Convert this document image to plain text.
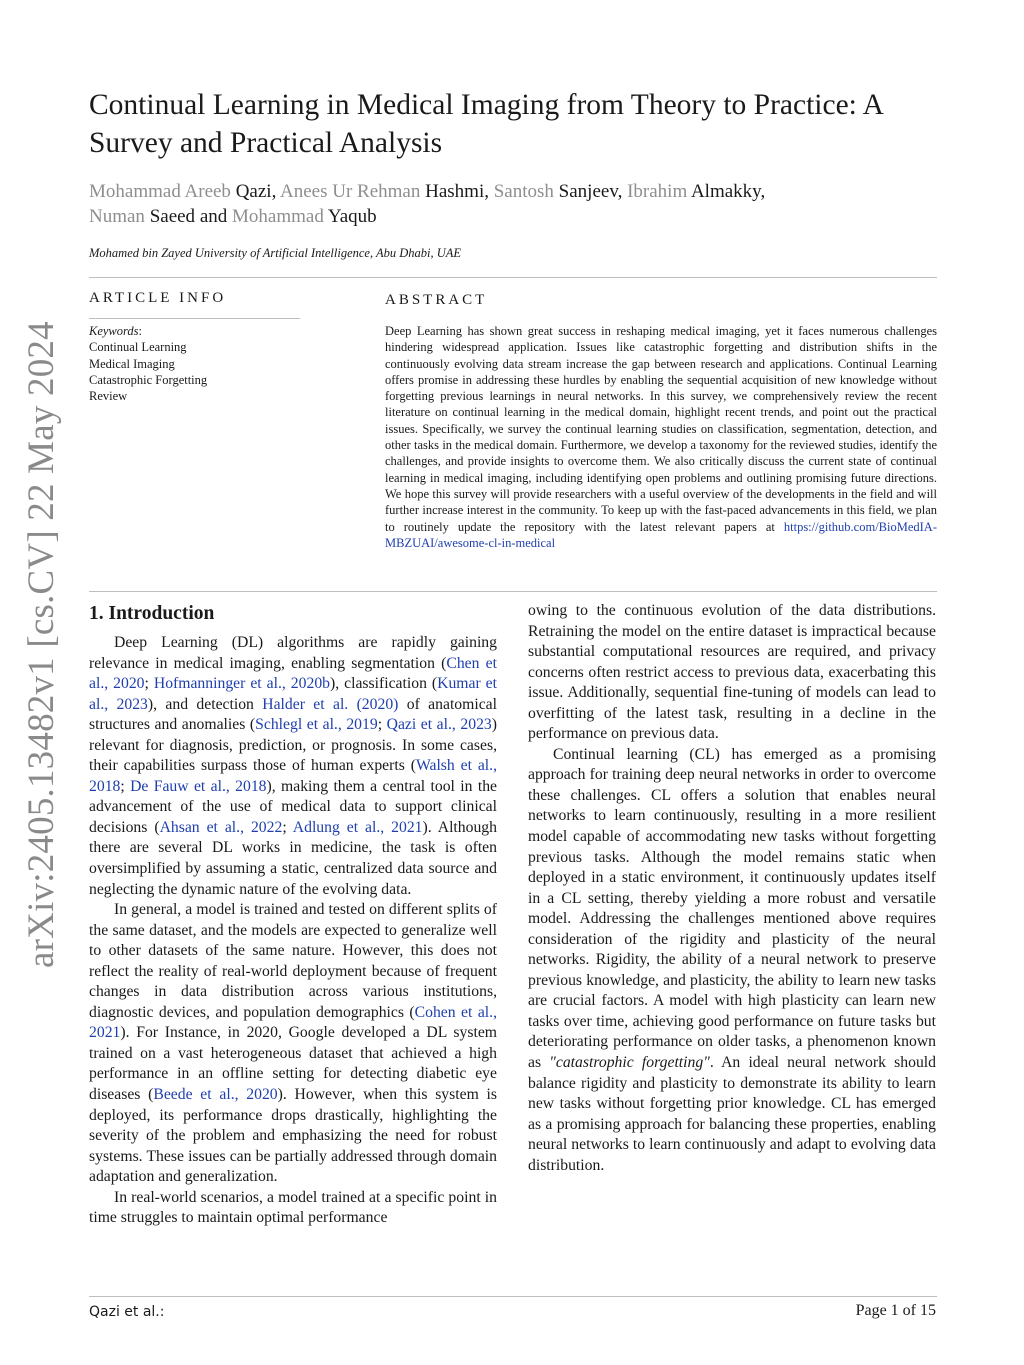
arXiv:2405.13482v1 [cs.CV] 22 May 2024
Continual Learning in Medical Imaging from Theory to Practice: A Survey and Practical Analysis
Mohammad Areeb Qazi, Anees Ur Rehman Hashmi, Santosh Sanjeev, Ibrahim Almakky,
Numan Saeed and Mohammad Yaqub
Mohamed bin Zayed University of Artificial Intelligence, Abu Dhabi, UAE
ARTICLE INFO
Keywords:
Continual Learning
Medical Imaging
Catastrophic Forgetting
Review
ABSTRACT

Deep Learning has shown great success in reshaping medical imaging, yet it faces numerous challenges hindering widespread application. Issues like catastrophic forgetting and distribution shifts in the continuously evolving data stream increase the gap between research and applications. Continual Learning offers promise in addressing these hurdles by enabling the sequential acquisition of new knowledge without forgetting previous learnings in neural networks. In this survey, we comprehensively review the recent literature on continual learning in the medical domain, highlight recent trends, and point out the practical issues. Specifically, we survey the continual learning studies on classification, segmentation, detection, and other tasks in the medical domain. Furthermore, we develop a taxonomy for the reviewed studies, identify the challenges, and provide insights to overcome them. We also critically discuss the current state of continual learning in medical imaging, including identifying open problems and outlining promising future directions. We hope this survey will provide researchers with a useful overview of the developments in the field and will further increase interest in the community. To keep up with the fast-paced advancements in this field, we plan to routinely update the repository with the latest relevant papers at https://github.com/BioMedIA-MBZUAI/awesome-cl-in-medical

1. Introduction

Deep Learning (DL) algorithms are rapidly gaining relevance in medical imaging, enabling segmentation (Chen et al., 2020; Hofmanninger et al., 2020b), classification (Kumar et al., 2023), and detection Halder et al. (2020) of anatomical structures and anomalies (Schlegl et al., 2019; Qazi et al., 2023) relevant for diagnosis, prediction, or prognosis. In some cases, their capabilities surpass those of human experts (Walsh et al., 2018; De Fauw et al., 2018), making them a central tool in the advancement of the use of medical data to support clinical decisions (Ahsan et al., 2022; Adlung et al., 2021). Although there are several DL works in medicine, the task is often oversimplified by assuming a static, centralized data source and neglecting the dynamic nature of the evolving data.

In general, a model is trained and tested on different splits of the same dataset, and the models are expected to generalize well to other datasets of the same nature. However, this does not reflect the reality of real-world deployment because of frequent changes in data distribution across various institutions, diagnostic devices, and population demographics (Cohen et al., 2021). For Instance, in 2020, Google developed a DL system trained on a vast heterogeneous dataset that achieved a high performance in an offline setting for detecting diabetic eye diseases (Beede et al., 2020). However, when this system is deployed, its performance drops drastically, highlighting the severity of the problem and emphasizing the need for robust systems. These issues can be partially addressed through domain adaptation and generalization.

In real-world scenarios, a model trained at a specific point in time struggles to maintain optimal performance

owing to the continuous evolution of the data distributions. Retraining the model on the entire dataset is impractical because substantial computational resources are required, and privacy concerns often restrict access to previous data, exacerbating this issue. Additionally, sequential fine-tuning of models can lead to overfitting of the latest task, resulting in a decline in the performance on previous data.

Continual learning (CL) has emerged as a promising approach for training deep neural networks in order to overcome these challenges. CL offers a solution that enables neural networks to learn continuously, resulting in a more resilient model capable of accommodating new tasks without forgetting previous tasks. Although the model remains static when deployed in a static environment, it continuously updates itself in a CL setting, thereby yielding a more robust and versatile model. Addressing the challenges mentioned above requires consideration of the rigidity and plasticity of the neural networks. Rigidity, the ability of a neural network to preserve previous knowledge, and plasticity, the ability to learn new tasks are crucial factors. A model with high plasticity can learn new tasks over time, achieving good performance on future tasks but deteriorating performance on older tasks, a phenomenon known as "catastrophic forgetting". An ideal neural network should balance rigidity and plasticity to demonstrate its ability to learn new tasks without forgetting prior knowledge. CL has emerged as a promising approach for balancing these properties, enabling neural networks to learn continuously and adapt to evolving data distribution.

Qazi et al.:	Page 1 of 15
